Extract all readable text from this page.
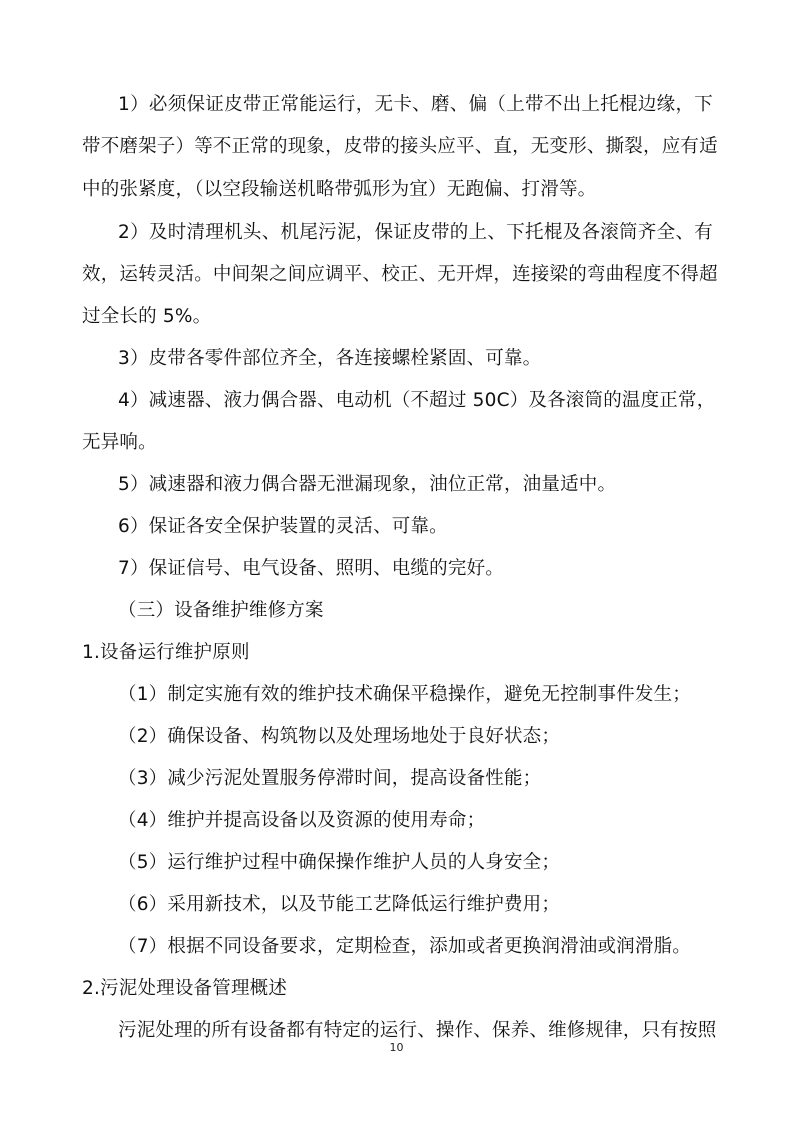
1）必须保证皮带正常能运行，无卡、磨、偏（上带不出上托棍边缘，下
带不磨架子）等不正常的现象，皮带的接头应平、直，无变形、撕裂，应有适
中的张紧度，（以空段输送机略带弧形为宜）无跑偏、打滑等。
2）及时清理机头、机尾污泥，保证皮带的上、下托棍及各滚筒齐全、有
效，运转灵活。中间架之间应调平、校正、无开焊，连接梁的弯曲程度不得超
过全长的 5%。
3）皮带各零件部位齐全，各连接螺栓紧固、可靠。
4）减速器、液力偶合器、电动机（不超过 50C）及各滚筒的温度正常，
无异响。
5）减速器和液力偶合器无泄漏现象，油位正常，油量适中。
6）保证各安全保护装置的灵活、可靠。
7）保证信号、电气设备、照明、电缆的完好。
（三）设备维护维修方案
1.设备运行维护原则
（1）制定实施有效的维护技术确保平稳操作，避免无控制事件发生；
（2）确保设备、构筑物以及处理场地处于良好状态；
（3）减少污泥处置服务停滞时间，提高设备性能；
（4）维护并提高设备以及资源的使用寿命；
（5）运行维护过程中确保操作维护人员的人身安全；
（6）采用新技术，以及节能工艺降低运行维护费用；
（7）根据不同设备要求，定期检查，添加或者更换润滑油或润滑脂。
2.污泥处理设备管理概述
污泥处理的所有设备都有特定的运行、操作、保养、维修规律，只有按照
10
